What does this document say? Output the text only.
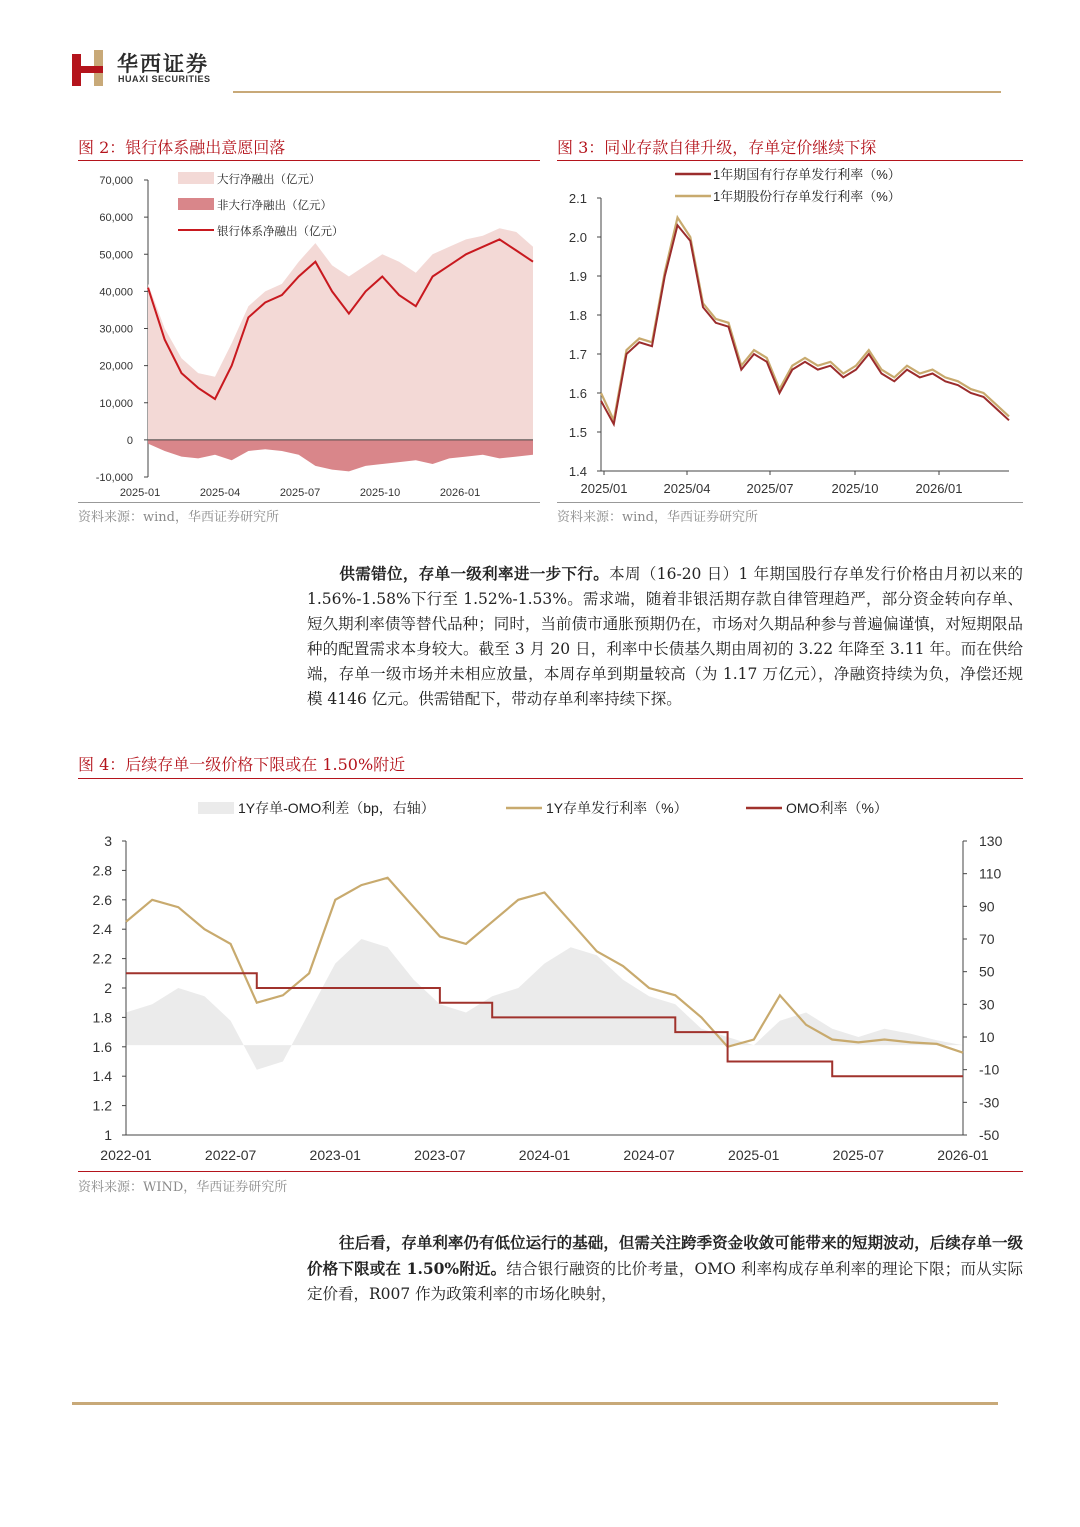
华西证券
HUAXI SECURITIES
图 2：银行体系融出意愿回落
70,000
60,000
50,000
40,000
30,000
20,000
10,000
0
-10,000
2025-01	2025-04	2025-07	2025-10	2026-01
大行净融出（亿元）
非大行净融出（亿元）
银行体系净融出（亿元）
资料来源：wind，华西证券研究所
图 3：同业存款自律升级，存单定价继续下探
2.1
2.0
1.9
1.8
1.7
1.6
1.5
1.4
2025/01	2025/04	2025/07	2025/10	2026/01
1年期国有行存单发行利率（%）
1年期股份行存单发行利率（%）
资料来源：wind，华西证券研究所
供需错位，存单一级利率进一步下行。本周（16-20 日）1 年期国股行存单发行价格由月初以来的 1.56%-1.58%下行至 1.52%-1.53%。需求端，随着非银活期存款自律管理趋严，部分资金转向存单、短久期利率债等替代品种；同时，当前债市通胀预期仍在，市场对久期品种参与普遍偏谨慎，对短期限品种的配置需求本身较大。截至 3 月 20 日，利率中长债基久期由周初的 3.22 年降至 3.11 年。而在供给端，存单一级市场并未相应放量，本周存单到期量较高（为 1.17 万亿元），净融资持续为负，净偿还规模 4146 亿元。供需错配下，带动存单利率持续下探。
图 4：后续存单一级价格下限或在 1.50%附近
3
2.8
2.6
2.4
2.2
2
1.8
1.6
1.4
1.2
1
130
110
90
70
50
30
10
-10
-30
-50
2022-01	2022-07	2023-01	2023-07	2024-01	2024-07	2025-01	2025-07	2026-01
1Y存单-OMO利差（bp，右轴）	1Y存单发行利率（%）	OMO利率（%）
资料来源：WIND，华西证券研究所
往后看，存单利率仍有低位运行的基础，但需关注跨季资金收敛可能带来的短期波动，后续存单一级价格下限或在 1.50%附近。结合银行融资的比价考量，OMO 利率构成存单利率的理论下限；而从实际定价看，R007 作为政策利率的市场化映射，
